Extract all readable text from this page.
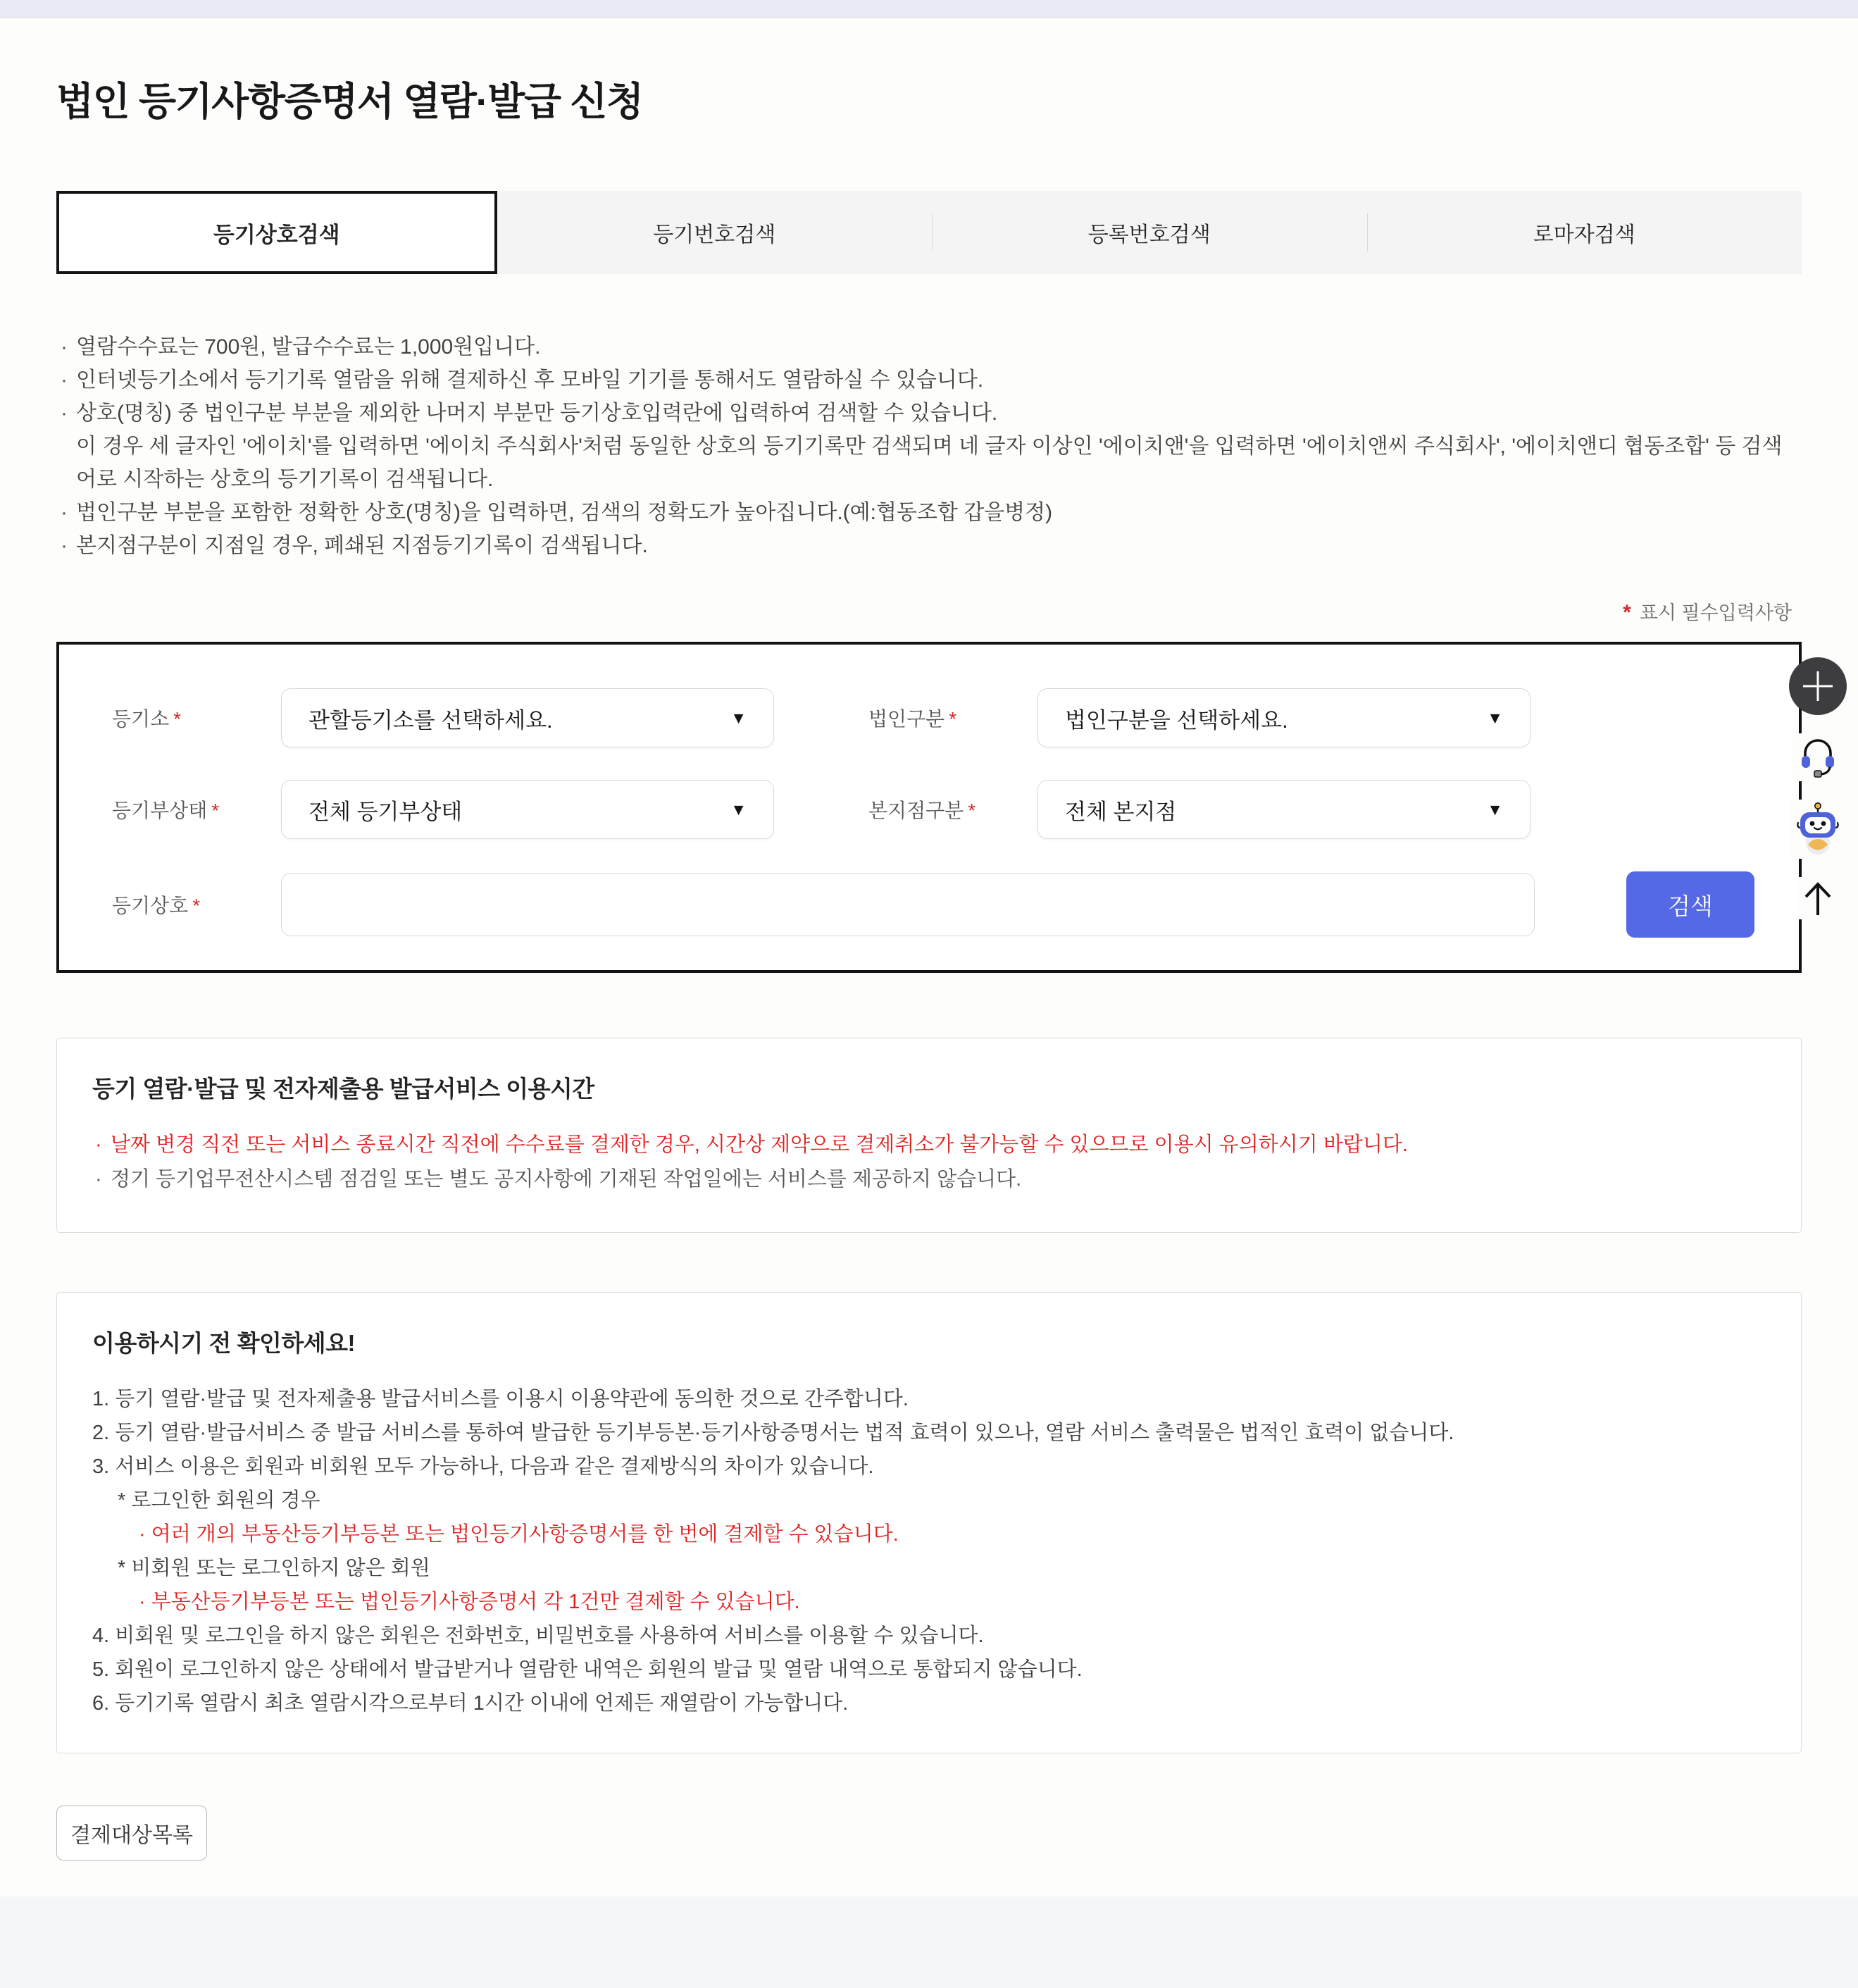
법인 등기사항증명서 열람·발급 신청
등기상호검색	등기번호검색	등록번호검색	로마자검색
· 열람수수료는 700원, 발급수수료는 1,000원입니다.
· 인터넷등기소에서 등기기록 열람을 위해 결제하신 후 모바일 기기를 통해서도 열람하실 수 있습니다.
· 상호(명칭) 중 법인구분 부분을 제외한 나머지 부분만 등기상호입력란에 입력하여 검색할 수 있습니다.
이 경우 세 글자인 '에이치'를 입력하면 '에이치 주식회사'처럼 동일한 상호의 등기기록만 검색되며 네 글자 이상인 '에이치앤'을 입력하면 '에이치앤씨 주식회사', '에이치앤디 협동조합' 등 검색어로 시작하는 상호의 등기기록이 검색됩니다.
· 법인구분 부분을 포함한 정확한 상호(명칭)을 입력하면, 검색의 정확도가 높아집니다.(예:협동조합 갑을병정)
· 본지점구분이 지점일 경우, 폐쇄된 지점등기기록이 검색됩니다.
* 표시 필수입력사항
등기소 *	관할등기소를 선택하세요.	▼	법인구분 *	법인구분을 선택하세요.	▼
등기부상태 *	전체 등기부상태	▼	본지점구분 *	전체 본지점	▼
등기상호 *	검색
등기 열람·발급 및 전자제출용 발급서비스 이용시간
· 날짜 변경 직전 또는 서비스 종료시간 직전에 수수료를 결제한 경우, 시간상 제약으로 결제취소가 불가능할 수 있으므로 이용시 유의하시기 바랍니다.
· 정기 등기업무전산시스템 점검일 또는 별도 공지사항에 기재된 작업일에는 서비스를 제공하지 않습니다.
이용하시기 전 확인하세요!
1. 등기 열람·발급 및 전자제출용 발급서비스를 이용시 이용약관에 동의한 것으로 간주합니다.
2. 등기 열람·발급서비스 중 발급 서비스를 통하여 발급한 등기부등본·등기사항증명서는 법적 효력이 있으나, 열람 서비스 출력물은 법적인 효력이 없습니다.
3. 서비스 이용은 회원과 비회원 모두 가능하나, 다음과 같은 결제방식의 차이가 있습니다.
* 로그인한 회원의 경우
· 여러 개의 부동산등기부등본 또는 법인등기사항증명서를 한 번에 결제할 수 있습니다.
* 비회원 또는 로그인하지 않은 회원
· 부동산등기부등본 또는 법인등기사항증명서 각 1건만 결제할 수 있습니다.
4. 비회원 및 로그인을 하지 않은 회원은 전화번호, 비밀번호를 사용하여 서비스를 이용할 수 있습니다.
5. 회원이 로그인하지 않은 상태에서 발급받거나 열람한 내역은 회원의 발급 및 열람 내역으로 통합되지 않습니다.
6. 등기기록 열람시 최초 열람시각으로부터 1시간 이내에 언제든 재열람이 가능합니다.
결제대상목록
